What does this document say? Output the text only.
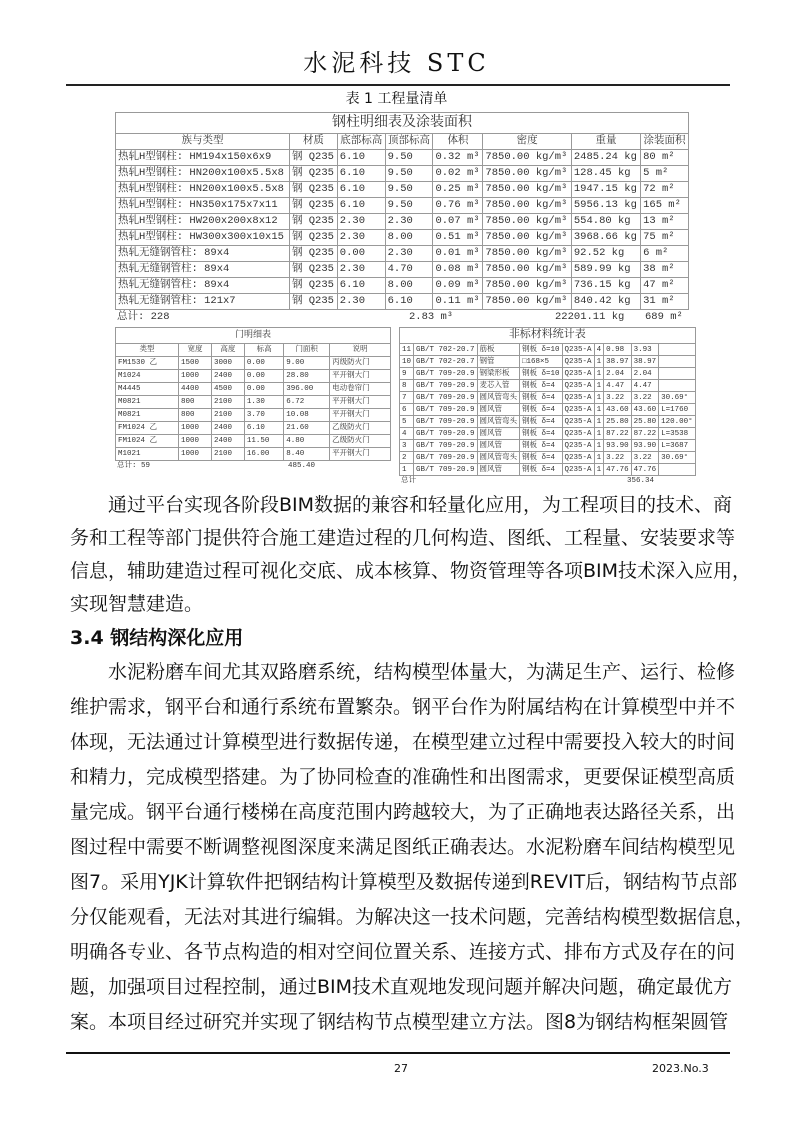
水泥科技 STC
表 1 工程量清单
钢柱明细表及涂装面积							
族与类型	材质	底部标高	顶部标高	体积	密度	重量	涂装面积
热轧H型钢柱: HM194x150x6x9	钢 Q235	6.10	9.50	0.32 m³	7850.00 kg/m³	2485.24 kg	80 m²
热轧H型钢柱: HN200x100x5.5x8	钢 Q235	6.10	9.50	0.02 m³	7850.00 kg/m³	128.45 kg	5 m²
热轧H型钢柱: HN200x100x5.5x8	钢 Q235	6.10	9.50	0.25 m³	7850.00 kg/m³	1947.15 kg	72 m²
热轧H型钢柱: HN350x175x7x11	钢 Q235	6.10	9.50	0.76 m³	7850.00 kg/m³	5956.13 kg	165 m²
热轧H型钢柱: HW200x200x8x12	钢 Q235	2.30	2.30	0.07 m³	7850.00 kg/m³	554.80 kg	13 m²
热轧H型钢柱: HW300x300x10x15	钢 Q235	2.30	8.00	0.51 m³	7850.00 kg/m³	3968.66 kg	75 m²
热轧无缝钢管柱: 89x4	钢 Q235	0.00	2.30	0.01 m³	7850.00 kg/m³	92.52 kg	6 m²
热轧无缝钢管柱: 89x4	钢 Q235	2.30	4.70	0.08 m³	7850.00 kg/m³	589.99 kg	38 m²
热轧无缝钢管柱: 89x4	钢 Q235	6.10	8.00	0.09 m³	7850.00 kg/m³	736.15 kg	47 m²
热轧无缝钢管柱: 121x7	钢 Q235	2.30	6.10	0.11 m³	7850.00 kg/m³	840.42 kg	31 m²
总计: 228	2.83 m³	22201.11 kg 689 m²
门明细表					
类型	宽度	高度	标高	门面积	说明
FM1530 乙	1500	3000	0.00	9.00	丙级防火门
M1024	1000	2400	0.00	28.80	平开钢大门
M4445	4400	4500	0.00	396.00	电动卷帘门
M0821	800	2100	1.30	6.72	平开钢大门
M0821	800	2100	3.70	10.08	平开钢大门
FM1024 乙	1000	2400	6.10	21.60	乙级防火门
FM1024 乙	1000	2400	11.50	4.80	乙级防火门
M1021	1000	2100	16.00	8.40	平开钢大门
总计: 59	485.40
非标材料统计表								
11	GB/T 702-20.7	筋板	钢板 δ=10	Q235-A	4	0.98	3.93	
10	GB/T 702-20.7	钢管	□168×5	Q235-A	1	38.97	38.97	
9	GB/T 709-20.9	钢梁形板	钢板 δ=10	Q235-A	1	2.04	2.04	
8	GB/T 709-20.9	麦芯入管	钢板 δ=4	Q235-A	1	4.47	4.47	
7	GB/T 709-20.9	圆风管弯头	钢板 δ=4	Q235-A	1	3.22	3.22	30.69°
6	GB/T 709-20.9	圆风管	钢板 δ=4	Q235-A	1	43.60	43.60	L=1760
5	GB/T 709-20.9	圆风管弯头	钢板 δ=4	Q235-A	1	25.80	25.80	120.00°
4	GB/T 709-20.9	圆风管	钢板 δ=4	Q235-A	1	87.22	87.22	L=3538
3	GB/T 709-20.9	圆风管	钢板 δ=4	Q235-A	1	93.90	93.90	L=3687
2	GB/T 709-20.9	圆风管弯头	钢板 δ=4	Q235-A	1	3.22	3.22	30.69°
1	GB/T 709-20.9	圆风管	钢板 δ=4	Q235-A	1	47.76	47.76	
总计	356.34
通过平台实现各阶段BIM数据的兼容和轻量化应用，为工程项目的技术、商
务和工程等部门提供符合施工建造过程的几何构造、图纸、工程量、安装要求等
信息，辅助建造过程可视化交底、成本核算、物资管理等各项BIM技术深入应用，
实现智慧建造。
3.4 钢结构深化应用
水泥粉磨车间尤其双路磨系统，结构模型体量大，为满足生产、运行、检修
维护需求，钢平台和通行系统布置繁杂。钢平台作为附属结构在计算模型中并不
体现，无法通过计算模型进行数据传递，在模型建立过程中需要投入较大的时间
和精力，完成模型搭建。为了协同检查的准确性和出图需求，更要保证模型高质
量完成。钢平台通行楼梯在高度范围内跨越较大，为了正确地表达路径关系，出
图过程中需要不断调整视图深度来满足图纸正确表达。水泥粉磨车间结构模型见
图7。采用YJK计算软件把钢结构计算模型及数据传递到REVIT后，钢结构节点部
分仅能观看，无法对其进行编辑。为解决这一技术问题，完善结构模型数据信息，
明确各专业、各节点构造的相对空间位置关系、连接方式、排布方式及存在的问
题，加强项目过程控制，通过BIM技术直观地发现问题并解决问题，确定最优方
案。本项目经过研究并实现了钢结构节点模型建立方法。图8为钢结构框架圆管
27	2023.No.3
